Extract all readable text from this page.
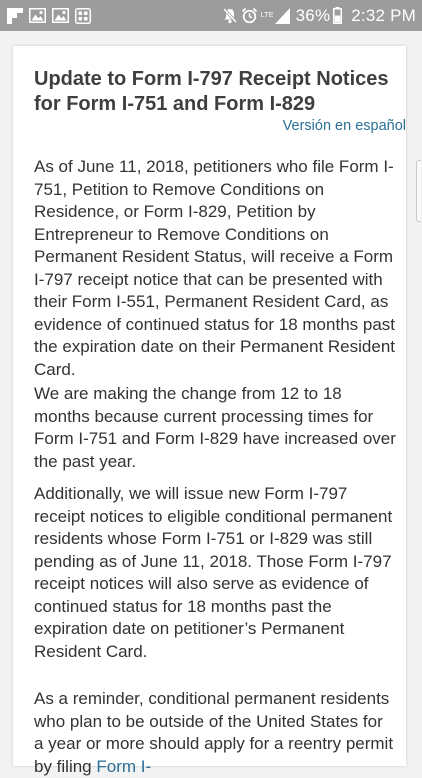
LTE 36% 2:32 PM
Update to Form I-797 Receipt Notices for Form I-751 and Form I-829
Versión en español

As of June 11, 2018, petitioners who file Form I-751, Petition to Remove Conditions on Residence, or Form I-829, Petition by Entrepreneur to Remove Conditions on Permanent Resident Status, will receive a Form I-797 receipt notice that can be presented with their Form I-551, Permanent Resident Card, as evidence of continued status for 18 months past the expiration date on their Permanent Resident Card.

We are making the change from 12 to 18 months because current processing times for Form I-751 and Form I-829 have increased over the past year.

Additionally, we will issue new Form I-797 receipt notices to eligible conditional permanent residents whose Form I-751 or I-829 was still pending as of June 11, 2018. Those Form I-797 receipt notices will also serve as evidence of continued status for 18 months past the expiration date on petitioner’s Permanent Resident Card.

As a reminder, conditional permanent residents who plan to be outside of the United States for a year or more should apply for a reentry permit by filing Form I-
